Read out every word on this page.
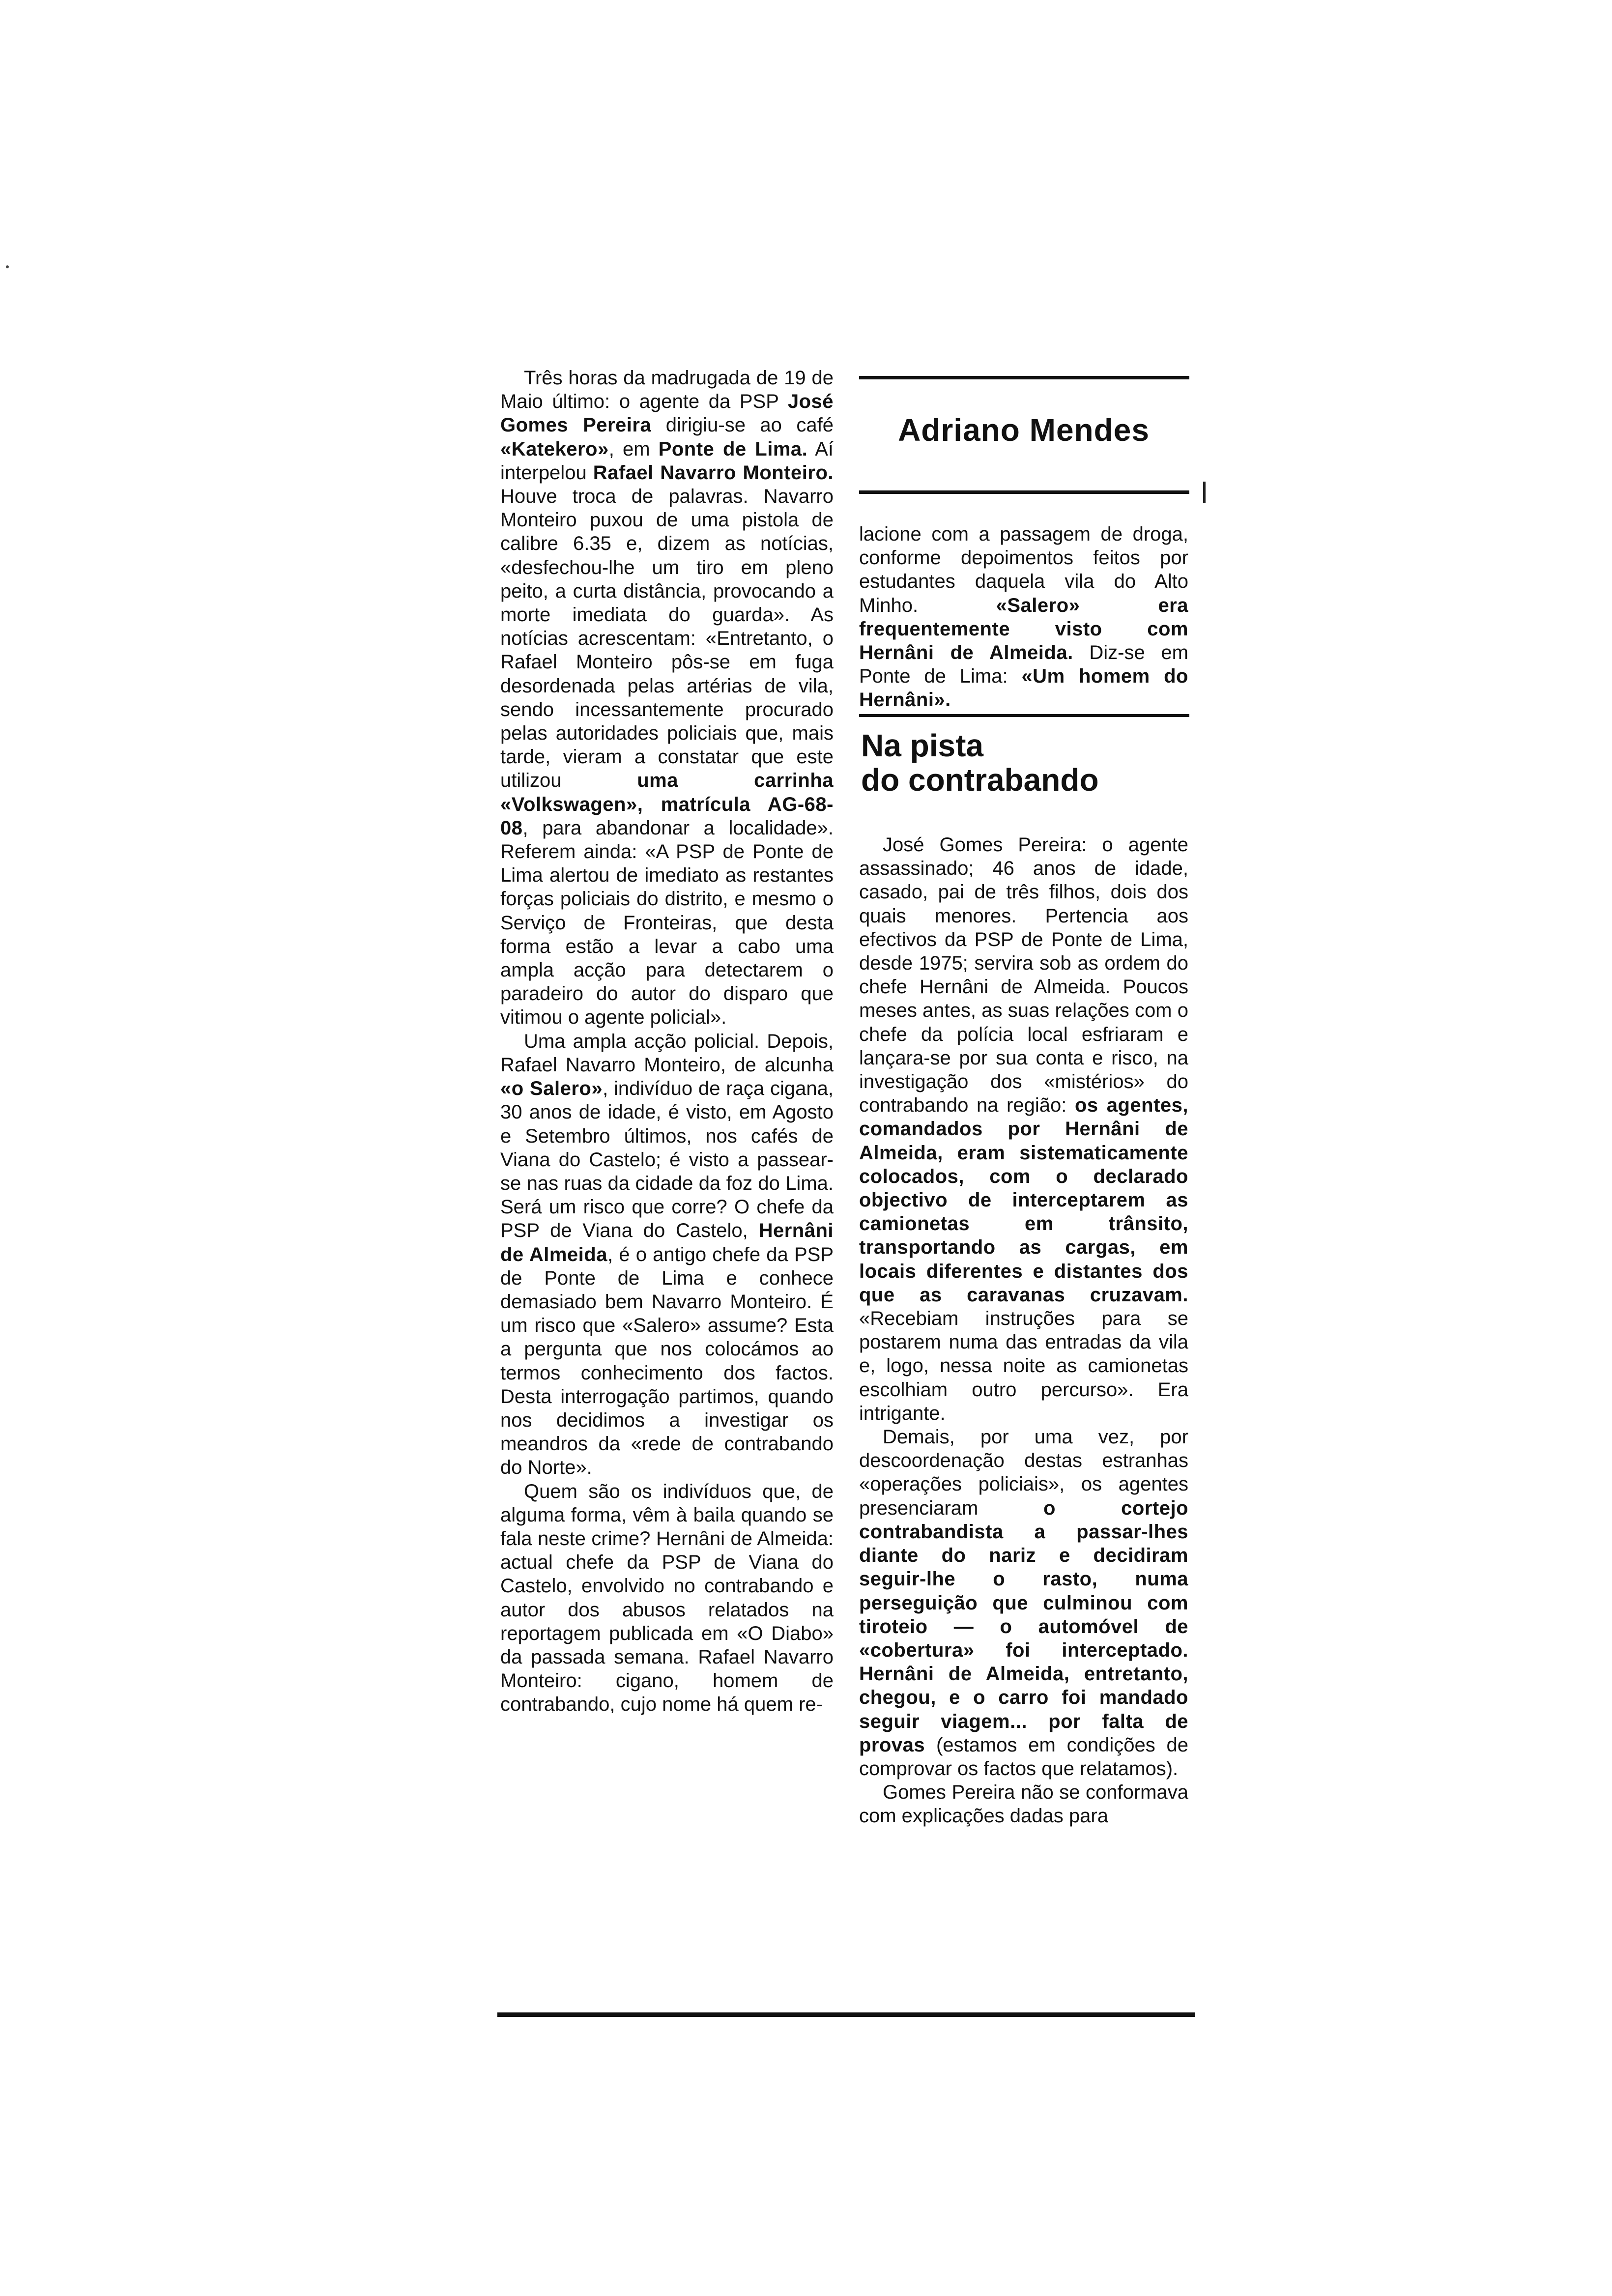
Três horas da madrugada de 19 de Maio último: o agente da PSP José Gomes Pereira dirigiu-se ao café «Katekero», em Ponte de Lima. Aí interpelou Rafael Navarro Monteiro. Houve troca de palavras. Navarro Monteiro puxou de uma pistola de calibre 6.35 e, dizem as notícias, «desfechou-lhe um tiro em pleno peito, a curta distância, provocando a morte imediata do guarda». As notícias acrescentam: «Entretanto, o Rafael Monteiro pôs-se em fuga desordenada pelas artérias de vila, sendo incessantemente procurado pelas autoridades policiais que, mais tarde, vieram a constatar que este utilizou uma carrinha «Volkswagen», matrícula AG-68-08, para abandonar a localidade». Referem ainda: «A PSP de Ponte de Lima alertou de imediato as restantes forças policiais do distrito, e mesmo o Serviço de Fronteiras, que desta forma estão a levar a cabo uma ampla acção para detectarem o paradeiro do autor do disparo que vitimou o agente policial».

Uma ampla acção policial. Depois, Rafael Navarro Monteiro, de alcunha «o Salero», indivíduo de raça cigana, 30 anos de idade, é visto, em Agosto e Setembro últimos, nos cafés de Viana do Castelo; é visto a passear-se nas ruas da cidade da foz do Lima. Será um risco que corre? O chefe da PSP de Viana do Castelo, Hernâni de Almeida, é o antigo chefe da PSP de Ponte de Lima e conhece demasiado bem Navarro Monteiro. É um risco que «Salero» assume? Esta a pergunta que nos colocámos ao termos conhecimento dos factos. Desta interrogação partimos, quando nos decidimos a investigar os meandros da «rede de contrabando do Norte».

Quem são os indivíduos que, de alguma forma, vêm à baila quando se fala neste crime? Hernâni de Almeida: actual chefe da PSP de Viana do Castelo, envolvido no contrabando e autor dos abusos relatados na reportagem publicada em «O Diabo» da passada semana. Rafael Navarro Monteiro: cigano, homem de contrabando, cujo nome há quem re-

Adriano Mendes

lacione com a passagem de droga, conforme depoimentos feitos por estudantes daquela vila do Alto Minho. «Salero» era frequentemente visto com Hernâni de Almeida. Diz-se em Ponte de Lima: «Um homem do Hernâni».

Na pista
do contrabando

José Gomes Pereira: o agente assassinado; 46 anos de idade, casado, pai de três filhos, dois dos quais menores. Pertencia aos efectivos da PSP de Ponte de Lima, desde 1975; servira sob as ordem do chefe Hernâni de Almeida. Poucos meses antes, as suas relações com o chefe da polícia local esfriaram e lançara-se por sua conta e risco, na investigação dos «mistérios» do contrabando na região: os agentes, comandados por Hernâni de Almeida, eram sistematicamente colocados, com o declarado objectivo de interceptarem as camionetas em trânsito, transportando as cargas, em locais diferentes e distantes dos que as caravanas cruzavam. «Recebiam instruções para se postarem numa das entradas da vila e, logo, nessa noite as camionetas escolhiam outro percurso». Era intrigante.

Demais, por uma vez, por descoordenação destas estranhas «operações policiais», os agentes presenciaram o cortejo contrabandista a passar-lhes diante do nariz e decidiram seguir-lhe o rasto, numa perseguição que culminou com tiroteio — o automóvel de «cobertura» foi interceptado. Hernâni de Almeida, entretanto, chegou, e o carro foi mandado seguir viagem... por falta de provas (estamos em condições de comprovar os factos que relatamos).

Gomes Pereira não se conformava com explicações dadas para
